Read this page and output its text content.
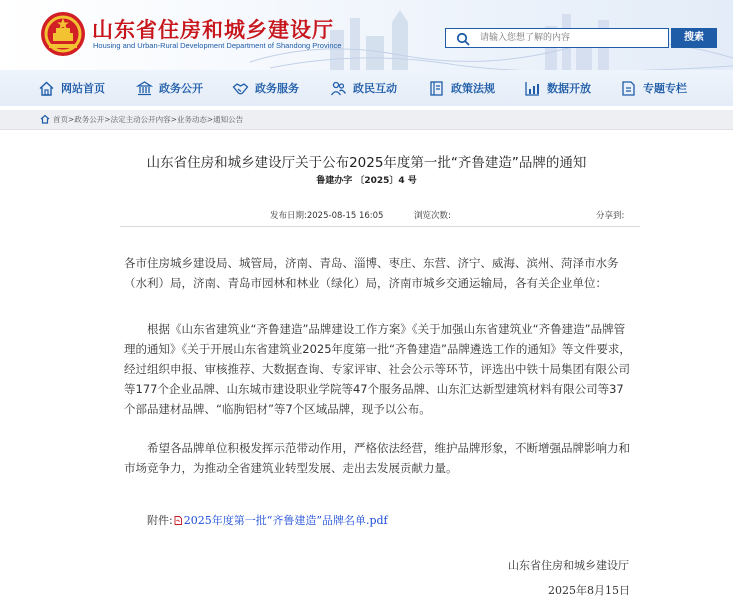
山东省住房和城乡建设厅
Housing and Urban-Rural Development Department of Shandong Province
请输入您想了解的内容
搜索
网站首页	政务公开	政务服务	政民互动	政策法规	数据开放	专题专栏
首页>政务公开>法定主动公开内容>业务动态>通知公告
山东省住房和城乡建设厅关于公布2025年度第一批“齐鲁建造”品牌的通知
鲁建办字 〔2025〕4 号
发布日期:2025-08-15 16:05	浏览次数:	分享到:
各市住房城乡建设局、城管局，济南、青岛、淄博、枣庄、东营、济宁、威海、滨州、菏泽市水务（水利）局，济南、青岛市园林和林业（绿化）局，济南市城乡交通运输局，各有关企业单位：
根据《山东省建筑业“齐鲁建造”品牌建设工作方案》《关于加强山东省建筑业“齐鲁建造”品牌管理的通知》《关于开展山东省建筑业2025年度第一批“齐鲁建造”品牌遴选工作的通知》等文件要求，经过组织申报、审核推荐、大数据查询、专家评审、社会公示等环节，评选出中铁十局集团有限公司等177个企业品牌、山东城市建设职业学院等47个服务品牌、山东汇达新型建筑材料有限公司等37个部品建材品牌、“临朐铝材”等7个区域品牌，现予以公布。
希望各品牌单位积极发挥示范带动作用，严格依法经营，维护品牌形象，不断增强品牌影响力和市场竞争力，为推动全省建筑业转型发展、走出去发展贡献力量。
附件: 2025年度第一批“齐鲁建造”品牌名单.pdf
山东省住房和城乡建设厅
2025年8月15日
